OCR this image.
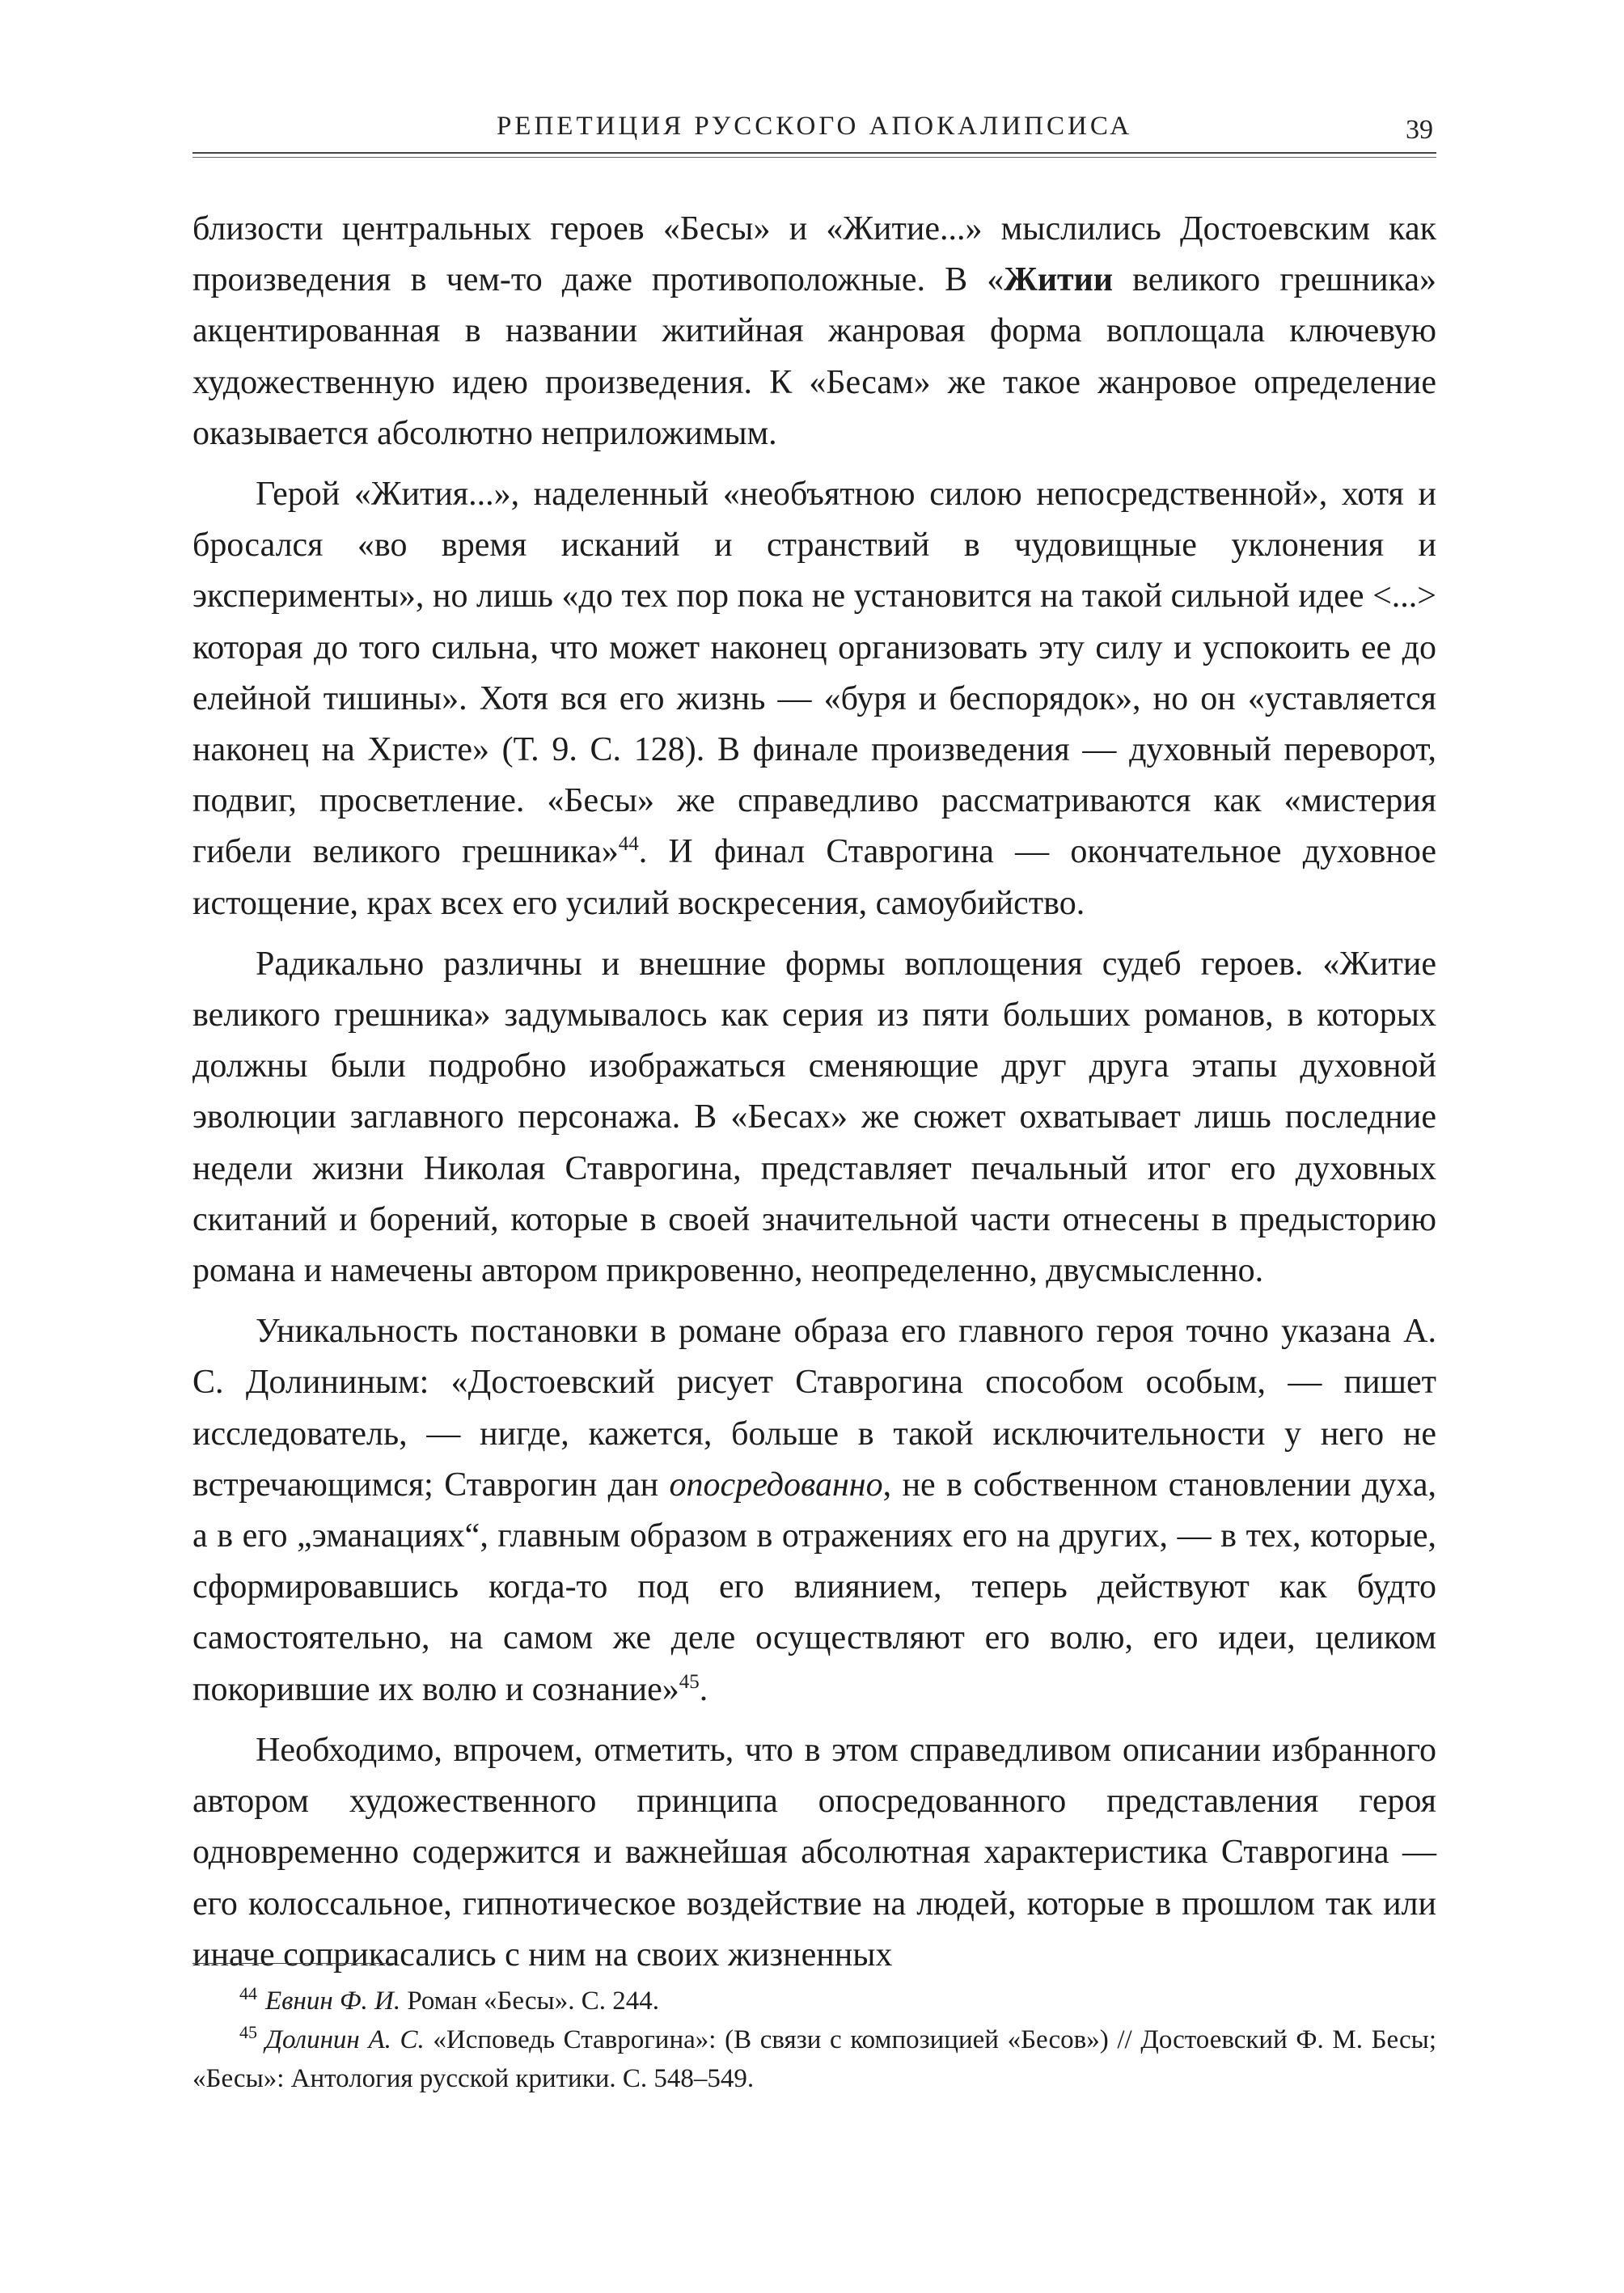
РЕПЕТИЦИЯ РУССКОГО АПОКАЛИПСИСА	39

близости центральных героев «Бесы» и «Житие...» мыслились Достоевским как произведения в чем-то даже противоположные. В «Житии великого грешника» акцентированная в названии житийная жанровая форма воплощала ключевую художественную идею произведения. К «Бесам» же такое жанровое определение оказывается абсолютно неприложимым.

Герой «Жития...», наделенный «необъятною силою непосредственной», хотя и бросался «во время исканий и странствий в чудовищные уклонения и эксперименты», но лишь «до тех пор пока не установится на такой сильной идее <...> которая до того сильна, что может наконец организовать эту силу и успокоить ее до елейной тишины». Хотя вся его жизнь — «буря и беспорядок», но он «уставляется наконец на Христе» (Т. 9. С. 128). В финале произведения — духовный переворот, подвиг, просветление. «Бесы» же справедливо рассматриваются как «мистерия гибели великого грешника»$^{44}$. И финал Ставрогина — окончательное духовное истощение, крах всех его усилий воскресения, самоубийство.

Радикально различны и внешние формы воплощения судеб героев. «Житие великого грешника» задумывалось как серия из пяти больших романов, в которых должны были подробно изображаться сменяющие друг друга этапы духовной эволюции заглавного персонажа. В «Бесах» же сюжет охватывает лишь последние недели жизни Николая Ставрогина, представляет печальный итог его духовных скитаний и борений, которые в своей значительной части отнесены в предысторию романа и намечены автором прикровенно, неопределенно, двусмысленно.

Уникальность постановки в романе образа его главного героя точно указана А. С. Долининым: «Достоевский рисует Ставрогина способом особым, — пишет исследователь, — нигде, кажется, больше в такой исключительности у него не встречающимся; Ставрогин дан опосредованно, не в собственном становлении духа, а в его „эманациях“, главным образом в отражениях его на других, — в тех, которые, сформировавшись когда-то под его влиянием, теперь действуют как будто самостоятельно, на самом же деле осуществляют его волю, его идеи, целиком покорившие их волю и сознание»$^{45}$.

Необходимо, впрочем, отметить, что в этом справедливом описании избранного автором художественного принципа опосредованного представления героя одновременно содержится и важнейшая абсолютная характеристика Ставрогина — его колоссальное, гипнотическое воздействие на людей, которые в прошлом так или иначе соприкасались с ним на своих жизненных

$^{44}$ Евнин Ф. И. Роман «Бесы». С. 244.

$^{45}$ Долинин А. С. «Исповедь Ставрогина»: (В связи с композицией «Бесов») // Достоевский Ф. М. Бесы; «Бесы»: Антология русской критики. С. 548–549.
